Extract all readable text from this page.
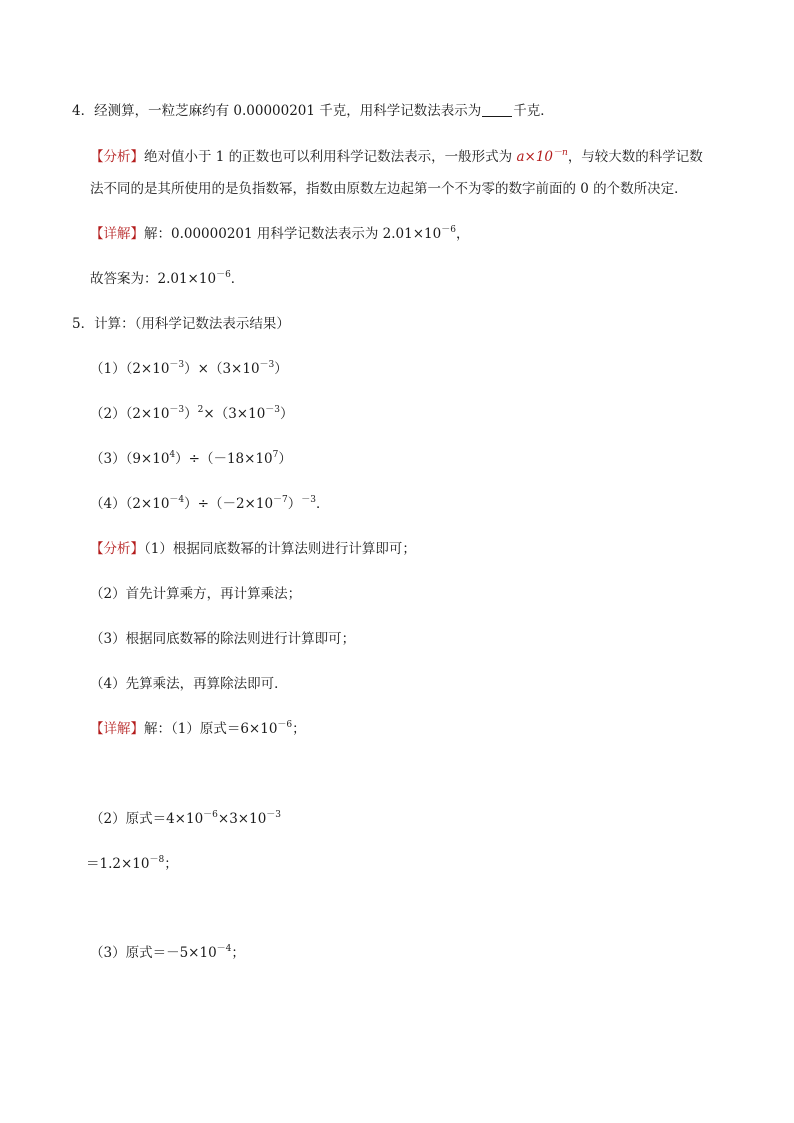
4．经测算，一粒芝麻约有 0.00000201 千克，用科学记数法表示为 千克．
【分析】绝对值小于 1 的正数也可以利用科学记数法表示，一般形式为 $a\times 10^{-n}$，与较大数的科学记数
法不同的是其所使用的是负指数幂，指数由原数左边起第一个不为零的数字前面的 0 的个数所决定．
【详解】解：0.00000201 用科学记数法表示为 $2.01\times 10^{-6}$，
故答案为：$2.01\times 10^{-6}$．
5．计算：（用科学记数法表示结果）
$(1)(2\times 10^{-3})\times(3\times 10^{-3})$
$(2)(2\times 10^{-3})^2\times(3\times 10^{-3})$
$(3)(9\times 10^4)\div(-18\times 10^7)$
$(4)(2\times 10^{-4})\div(-2\times 10^{-7})^{-3}$．
【分析】（1）根据同底数幂的计算法则进行计算即可；
（2）首先计算乘方，再计算乘法；
（3）根据同底数幂的除法则进行计算即可；
（4）先算乘法，再算除法即可．
【详解】解：（1）原式$=6\times 10^{-6}$；
（2）原式$=4\times 10^{-6}\times 3\times 10^{-3}$
$=1.2\times 10^{-8}$；
（3）原式$=-5\times 10^{-4}$；
